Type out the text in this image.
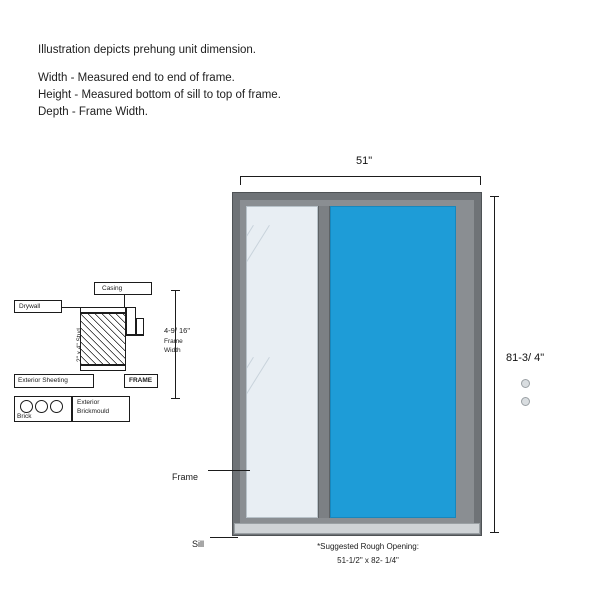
Illustration depicts prehung unit dimension.
Width - Measured end to end of frame.
Height - Measured bottom of sill to top of frame.
Depth - Frame Width.
51"
81-3/ 4"
Frame
Sill	*Suggested Rough Opening:
51-1/2" x 82- 1/4"
Casing
Drywall
2" x 4" Stud
Exterior Sheeting	FRAME
Brick
Exterior
Brickmould
4-9/ 16"
Frame
Width
